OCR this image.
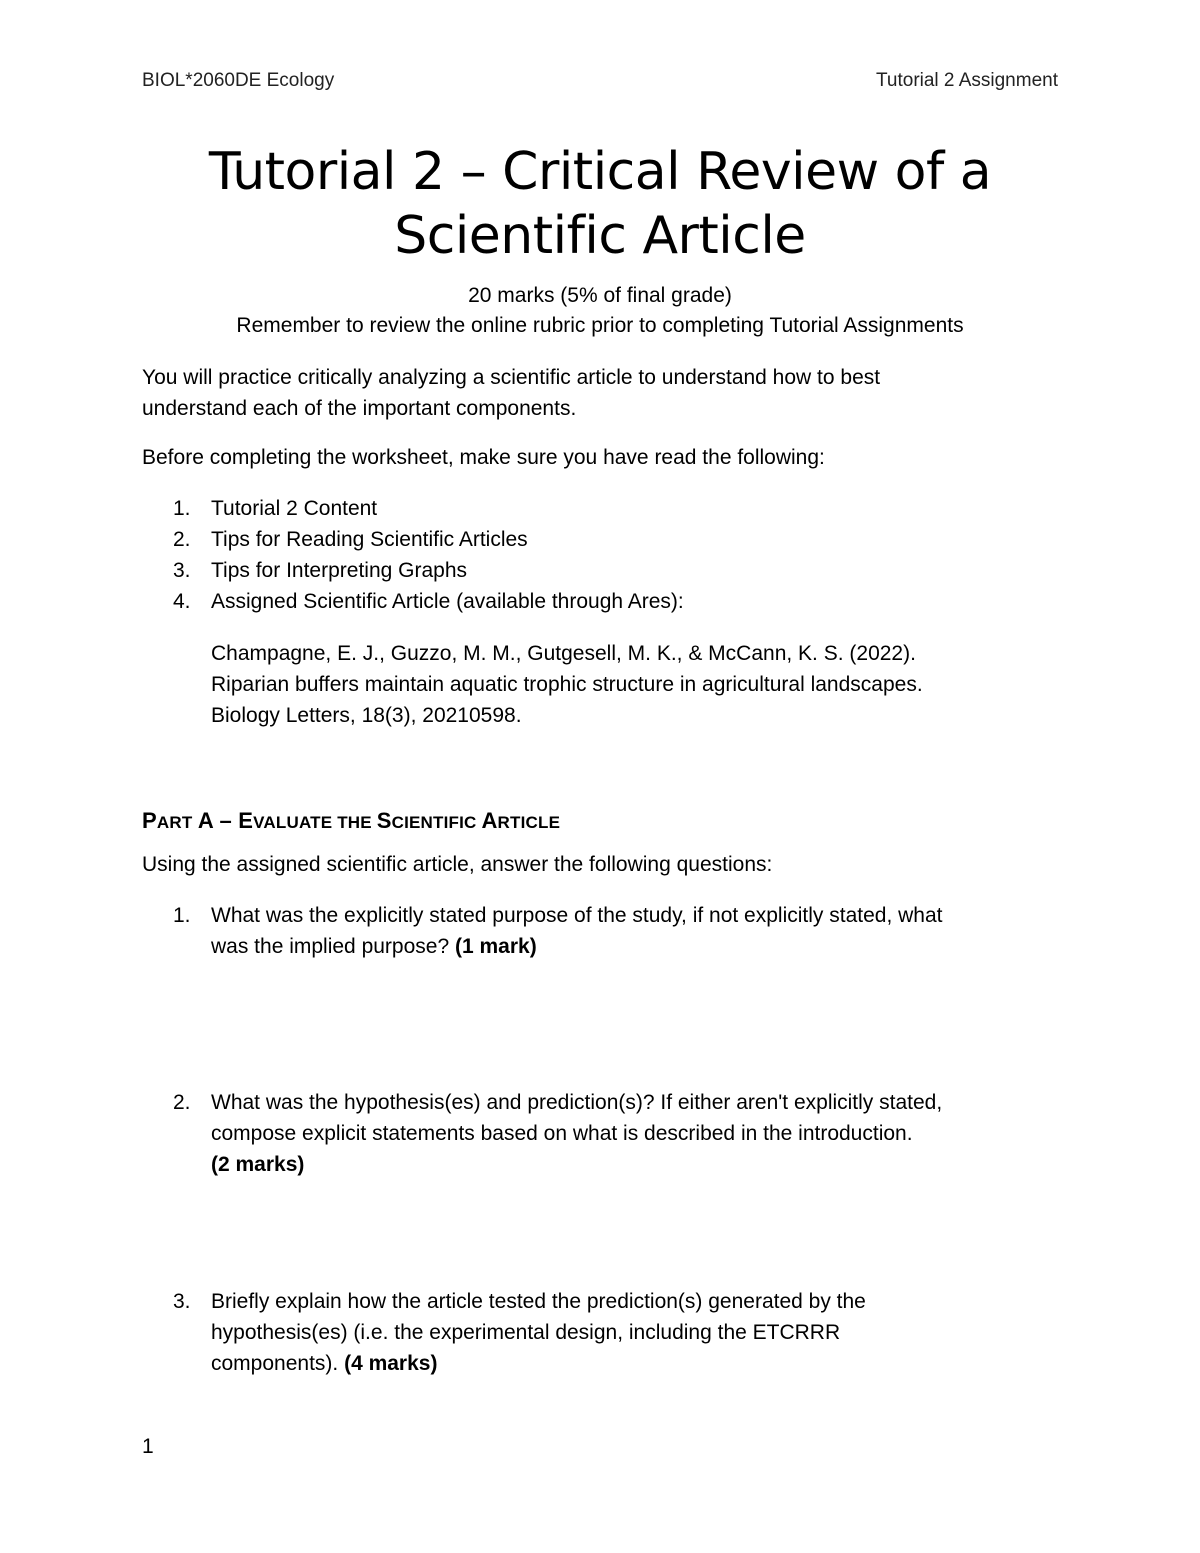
BIOL*2060DE Ecology	Tutorial 2 Assignment
Tutorial 2 – Critical Review of a
Scientific Article
20 marks (5% of final grade)
Remember to review the online rubric prior to completing Tutorial Assignments
You will practice critically analyzing a scientific article to understand how to best
understand each of the important components.
Before completing the worksheet, make sure you have read the following:
1. Tutorial 2 Content
2. Tips for Reading Scientific Articles
3. Tips for Interpreting Graphs
4. Assigned Scientific Article (available through Ares):
Champagne, E. J., Guzzo, M. M., Gutgesell, M. K., & McCann, K. S. (2022).
Riparian buffers maintain aquatic trophic structure in agricultural landscapes.
Biology Letters, 18(3), 20210598.
PART A – EVALUATE THE SCIENTIFIC ARTICLE
Using the assigned scientific article, answer the following questions:
1. What was the explicitly stated purpose of the study, if not explicitly stated, what
was the implied purpose? (1 mark)
2. What was the hypothesis(es) and prediction(s)? If either aren't explicitly stated,
compose explicit statements based on what is described in the introduction.
(2 marks)
3. Briefly explain how the article tested the prediction(s) generated by the
hypothesis(es) (i.e. the experimental design, including the ETCRRR
components). (4 marks)
1
